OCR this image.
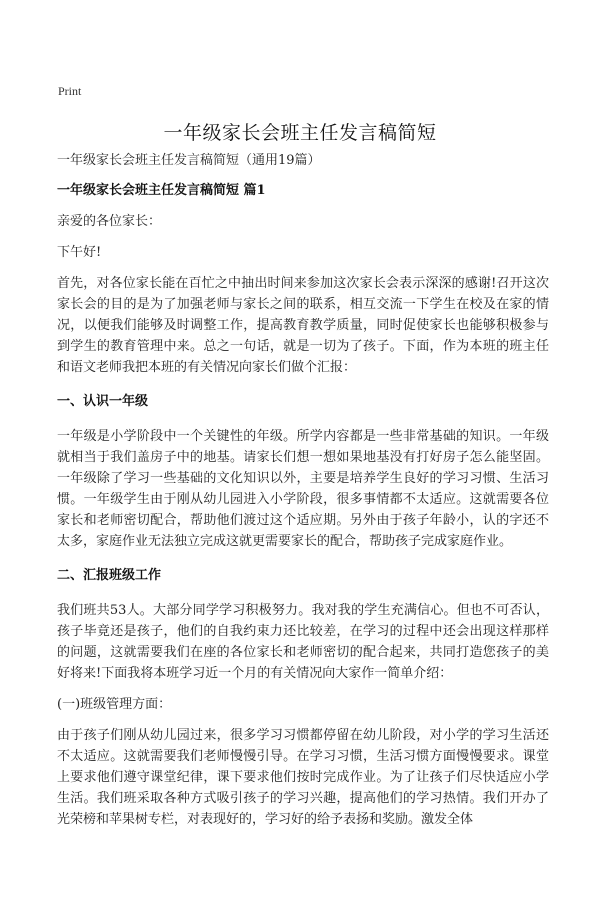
Print
一年级家长会班主任发言稿简短

一年级家长会班主任发言稿简短（通用19篇）

一年级家长会班主任发言稿简短 篇1

亲爱的各位家长：

下午好!

首先，对各位家长能在百忙之中抽出时间来参加这次家长会表示深深的感谢!召开这次家长会的目的是为了加强老师与家长之间的联系，相互交流一下学生在校及在家的情况，以便我们能够及时调整工作，提高教育教学质量，同时促使家长也能够积极参与到学生的教育管理中来。总之一句话，就是一切为了孩子。下面，作为本班的班主任和语文老师我把本班的有关情况向家长们做个汇报：

一、认识一年级

一年级是小学阶段中一个关键性的年级。所学内容都是一些非常基础的知识。一年级就相当于我们盖房子中的地基。请家长们想一想如果地基没有打好房子怎么能坚固。一年级除了学习一些基础的文化知识以外，主要是培养学生良好的学习习惯、生活习惯。一年级学生由于刚从幼儿园进入小学阶段，很多事情都不太适应。这就需要各位家长和老师密切配合，帮助他们渡过这个适应期。另外由于孩子年龄小，认的字还不太多，家庭作业无法独立完成这就更需要家长的配合，帮助孩子完成家庭作业。

二、汇报班级工作

我们班共53人。大部分同学学习积极努力。我对我的学生充满信心。但也不可否认，孩子毕竟还是孩子，他们的自我约束力还比较差，在学习的过程中还会出现这样那样的问题，这就需要我们在座的各位家长和老师密切的配合起来，共同打造您孩子的美好将来!下面我将本班学习近一个月的有关情况向大家作一简单介绍：

(一)班级管理方面：

由于孩子们刚从幼儿园过来，很多学习习惯都停留在幼儿阶段，对小学的学习生活还不太适应。这就需要我们老师慢慢引导。在学习习惯，生活习惯方面慢慢要求。课堂上要求他们遵守课堂纪律，课下要求他们按时完成作业。为了让孩子们尽快适应小学生活。我们班采取各种方式吸引孩子的学习兴趣，提高他们的学习热情。我们开办了光荣榜和苹果树专栏，对表现好的，学习好的给予表扬和奖励。激发全体
